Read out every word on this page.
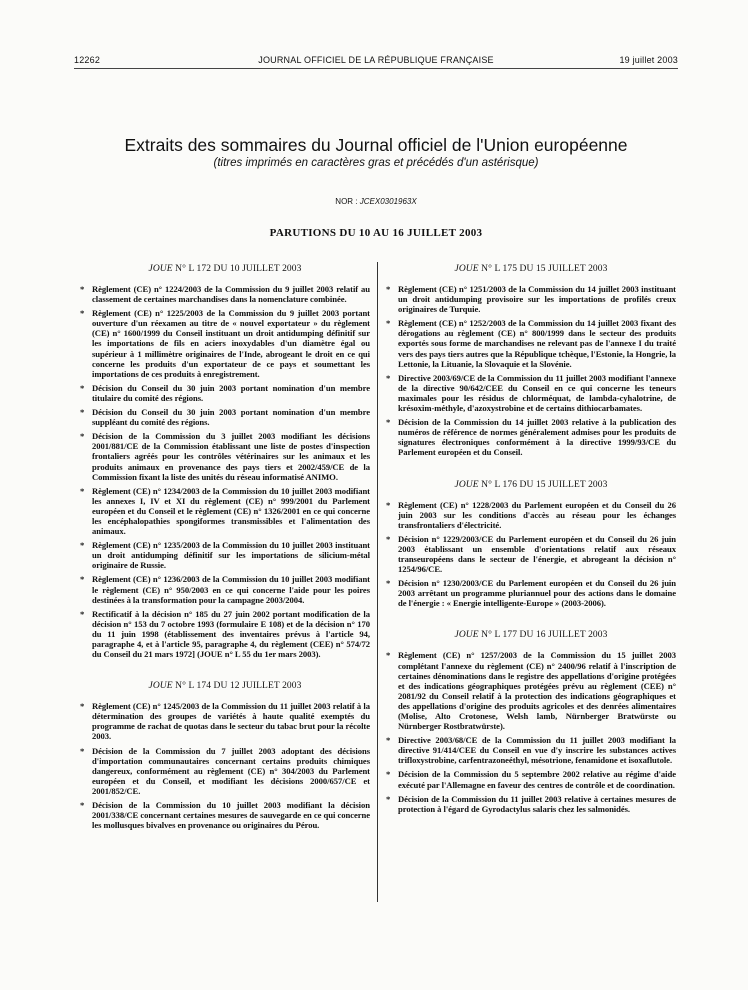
12262	JOURNAL OFFICIEL DE LA RÉPUBLIQUE FRANÇAISE	19 juillet 2003
Extraits des sommaires du Journal officiel de l'Union européenne
(titres imprimés en caractères gras et précédés d'un astérisque)
NOR : JCEX0301963X
PARUTIONS DU 10 AU 16 JUILLET 2003
JOUE N° L 172 DU 10 JUILLET 2003
* Règlement (CE) n° 1224/2003 de la Commission du 9 juillet 2003 relatif au classement de certaines marchandises dans la nomenclature combinée.
* Règlement (CE) n° 1225/2003 de la Commission du 9 juillet 2003 portant ouverture d'un réexamen au titre de « nouvel exportateur » du règlement (CE) n° 1600/1999 du Conseil instituant un droit antidumping définitif sur les importations de fils en aciers inoxydables d'un diamètre égal ou supérieur à 1 millimètre originaires de l'Inde, abrogeant le droit en ce qui concerne les produits d'un exportateur de ce pays et soumettant les importations de ces produits à enregistrement.
* Décision du Conseil du 30 juin 2003 portant nomination d'un membre titulaire du comité des régions.
* Décision du Conseil du 30 juin 2003 portant nomination d'un membre suppléant du comité des régions.
* Décision de la Commission du 3 juillet 2003 modifiant les décisions 2001/881/CE de la Commission établissant une liste de postes d'inspection frontaliers agréés pour les contrôles vétérinaires sur les animaux et les produits animaux en provenance des pays tiers et 2002/459/CE de la Commission fixant la liste des unités du réseau informatisé ANIMO.
* Règlement (CE) n° 1234/2003 de la Commission du 10 juillet 2003 modifiant les annexes I, IV et XI du règlement (CE) n° 999/2001 du Parlement européen et du Conseil et le règlement (CE) n° 1326/2001 en ce qui concerne les encéphalopathies spongiformes transmissibles et l'alimentation des animaux.
* Règlement (CE) n° 1235/2003 de la Commission du 10 juillet 2003 instituant un droit antidumping définitif sur les importations de silicium-métal originaire de Russie.
* Règlement (CE) n° 1236/2003 de la Commission du 10 juillet 2003 modifiant le règlement (CE) n° 950/2003 en ce qui concerne l'aide pour les poires destinées à la transformation pour la campagne 2003/2004.
* Rectificatif à la décision n° 185 du 27 juin 2002 portant modification de la décision n° 153 du 7 octobre 1993 (formulaire E 108) et de la décision n° 170 du 11 juin 1998 (établissement des inventaires prévus à l'article 94, paragraphe 4, et à l'article 95, paragraphe 4, du règlement (CEE) n° 574/72 du Conseil du 21 mars 1972] (JOUE n° L 55 du 1er mars 2003).
JOUE N° L 174 DU 12 JUILLET 2003
* Règlement (CE) n° 1245/2003 de la Commission du 11 juillet 2003 relatif à la détermination des groupes de variétés à haute qualité exemptés du programme de rachat de quotas dans le secteur du tabac brut pour la récolte 2003.
* Décision de la Commission du 7 juillet 2003 adoptant des décisions d'importation communautaires concernant certains produits chimiques dangereux, conformément au règlement (CE) n° 304/2003 du Parlement européen et du Conseil, et modifiant les décisions 2000/657/CE et 2001/852/CE.
* Décision de la Commission du 10 juillet 2003 modifiant la décision 2001/338/CE concernant certaines mesures de sauvegarde en ce qui concerne les mollusques bivalves en provenance ou originaires du Pérou.
JOUE N° L 175 DU 15 JUILLET 2003
* Règlement (CE) n° 1251/2003 de la Commission du 14 juillet 2003 instituant un droit antidumping provisoire sur les importations de profilés creux originaires de Turquie.
* Règlement (CE) n° 1252/2003 de la Commission du 14 juillet 2003 fixant des dérogations au règlement (CE) n° 800/1999 dans le secteur des produits exportés sous forme de marchandises ne relevant pas de l'annexe I du traité vers des pays tiers autres que la République tchèque, l'Estonie, la Hongrie, la Lettonie, la Lituanie, la Slovaquie et la Slovénie.
* Directive 2003/69/CE de la Commission du 11 juillet 2003 modifiant l'annexe de la directive 90/642/CEE du Conseil en ce qui concerne les teneurs maximales pour les résidus de chlorméquat, de lambda-cyhalotrine, de krésoxim-méthyle, d'azoxystrobine et de certains dithiocarbamates.
* Décision de la Commission du 14 juillet 2003 relative à la publication des numéros de référence de normes généralement admises pour les produits de signatures électroniques conformément à la directive 1999/93/CE du Parlement européen et du Conseil.
JOUE N° L 176 DU 15 JUILLET 2003
* Règlement (CE) n° 1228/2003 du Parlement européen et du Conseil du 26 juin 2003 sur les conditions d'accès au réseau pour les échanges transfrontaliers d'électricité.
* Décision n° 1229/2003/CE du Parlement européen et du Conseil du 26 juin 2003 établissant un ensemble d'orientations relatif aux réseaux transeuropéens dans le secteur de l'énergie, et abrogeant la décision n° 1254/96/CE.
* Décision n° 1230/2003/CE du Parlement européen et du Conseil du 26 juin 2003 arrêtant un programme pluriannuel pour des actions dans le domaine de l'énergie : « Energie intelligente-Europe » (2003-2006).
JOUE N° L 177 DU 16 JUILLET 2003
* Règlement (CE) n° 1257/2003 de la Commission du 15 juillet 2003 complétant l'annexe du règlement (CE) n° 2400/96 relatif à l'inscription de certaines dénominations dans le registre des appellations d'origine protégées et des indications géographiques protégées prévu au règlement (CEE) n° 2081/92 du Conseil relatif à la protection des indications géographiques et des appellations d'origine des produits agricoles et des denrées alimentaires (Molise, Alto Crotonese, Welsh lamb, Nürnberger Bratwürste ou Nürnberger Rostbratwürste).
* Directive 2003/68/CE de la Commission du 11 juillet 2003 modifiant la directive 91/414/CEE du Conseil en vue d'y inscrire les substances actives trifloxystrobine, carfentrazoneéthyl, mésotrione, fenamidone et isoxaflutole.
* Décision de la Commission du 5 septembre 2002 relative au régime d'aide exécuté par l'Allemagne en faveur des centres de contrôle et de coordination.
* Décision de la Commission du 11 juillet 2003 relative à certaines mesures de protection à l'égard de Gyrodactylus salaris chez les salmonidés.
